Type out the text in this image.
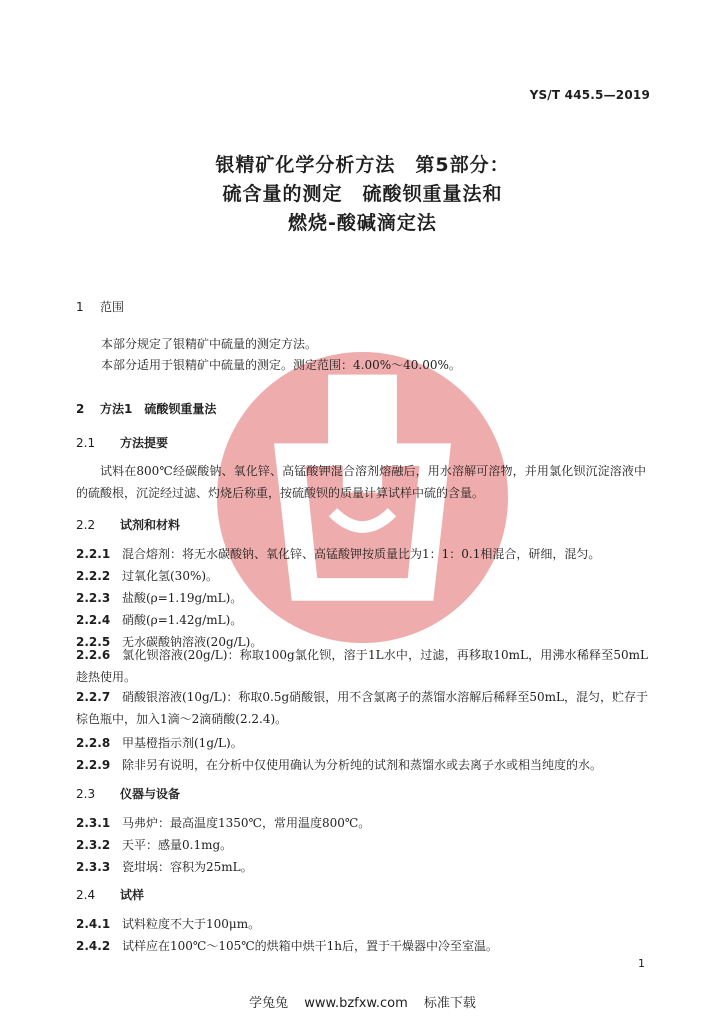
YS/T 445.5—2019
银精矿化学分析方法　第5部分：
硫含量的测定　硫酸钡重量法和
燃烧-酸碱滴定法
1 范围
本部分规定了银精矿中硫量的测定方法。
本部分适用于银精矿中硫量的测定。测定范围：4.00%～40.00%。
2 方法1　硫酸钡重量法
2.1 方法提要
试料在800℃经碳酸钠、氧化锌、高锰酸钾混合溶剂熔融后，用水溶解可溶物，并用氯化钡沉淀溶液中的硫酸根，沉淀经过滤、灼烧后称重，按硫酸钡的质量计算试样中硫的含量。
2.2 试剂和材料
2.2.1 混合熔剂：将无水碳酸钠、氧化锌、高锰酸钾按质量比为1：1：0.1相混合，研细，混匀。
2.2.2 过氧化氢(30%)。
2.2.3 盐酸(ρ=1.19g/mL)。
2.2.4 硝酸(ρ=1.42g/mL)。
2.2.5 无水碳酸钠溶液(20g/L)。
2.2.6 氯化钡溶液(20g/L)：称取100g氯化钡，溶于1L水中，过滤，再移取10mL，用沸水稀释至50mL趁热使用。
2.2.7 硝酸银溶液(10g/L)：称取0.5g硝酸银，用不含氯离子的蒸馏水溶解后稀释至50mL，混匀，贮存于棕色瓶中，加入1滴～2滴硝酸(2.2.4)。
2.2.8 甲基橙指示剂(1g/L)。
2.2.9 除非另有说明，在分析中仅使用确认为分析纯的试剂和蒸馏水或去离子水或相当纯度的水。
2.3 仪器与设备
2.3.1 马弗炉：最高温度1350℃，常用温度800℃。
2.3.2 天平：感量0.1mg。
2.3.3 瓷坩埚：容积为25mL。
2.4 试样
2.4.1 试料粒度不大于100μm。
2.4.2 试样应在100℃～105℃的烘箱中烘干1h后，置于干燥器中冷至室温。
1
学兔兔 www.bzfxw.com 标准下载
